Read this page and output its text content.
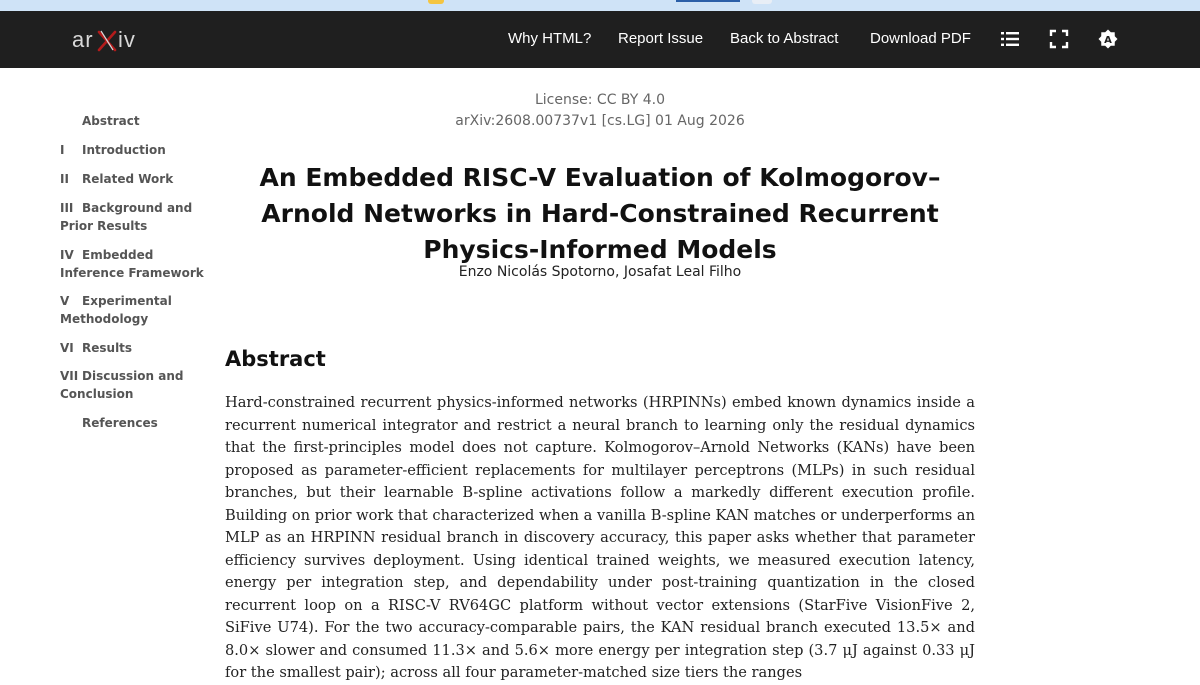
ar iv	Why HTML? Report Issue Back to Abstract Download PDF	A
Abstract
I	Introduction
II	Related Work
III Background and Prior Results
IV Embedded Inference Framework
V	Experimental Methodology
VI Results
VII Discussion and Conclusion
References
License: CC BY 4.0
arXiv:2608.00737v1 [cs.LG] 01 Aug 2026
An Embedded RISC-V Evaluation of Kolmogorov–Arnold Networks in Hard-Constrained Recurrent Physics-Informed Models
Enzo Nicolás Spotorno, Josafat Leal Filho
Abstract

Hard-constrained recurrent physics-informed networks (HRPINNs) embed known dynamics inside a recurrent numerical integrator and restrict a neural branch to learning only the residual dynamics that the first-principles model does not capture. Kolmogorov–Arnold Networks (KANs) have been proposed as parameter-efficient replacements for multilayer perceptrons (MLPs) in such residual branches, but their learnable B-spline activations follow a markedly different execution profile. Building on prior work that characterized when a vanilla B-spline KAN matches or underperforms an MLP as an HRPINN residual branch in discovery accuracy, this paper asks whether that parameter efficiency survives deployment. Using identical trained weights, we measured execution latency, energy per integration step, and dependability under post-training quantization in the closed recurrent loop on a RISC-V RV64GC platform without vector extensions (StarFive VisionFive 2, SiFive U74). For the two accuracy-comparable pairs, the KAN residual branch executed 13.5× and 8.0× slower and consumed 11.3× and 5.6× more energy per integration step (3.7 μJ against 0.33 μJ for the smallest pair); across all four parameter-matched size tiers the ranges
